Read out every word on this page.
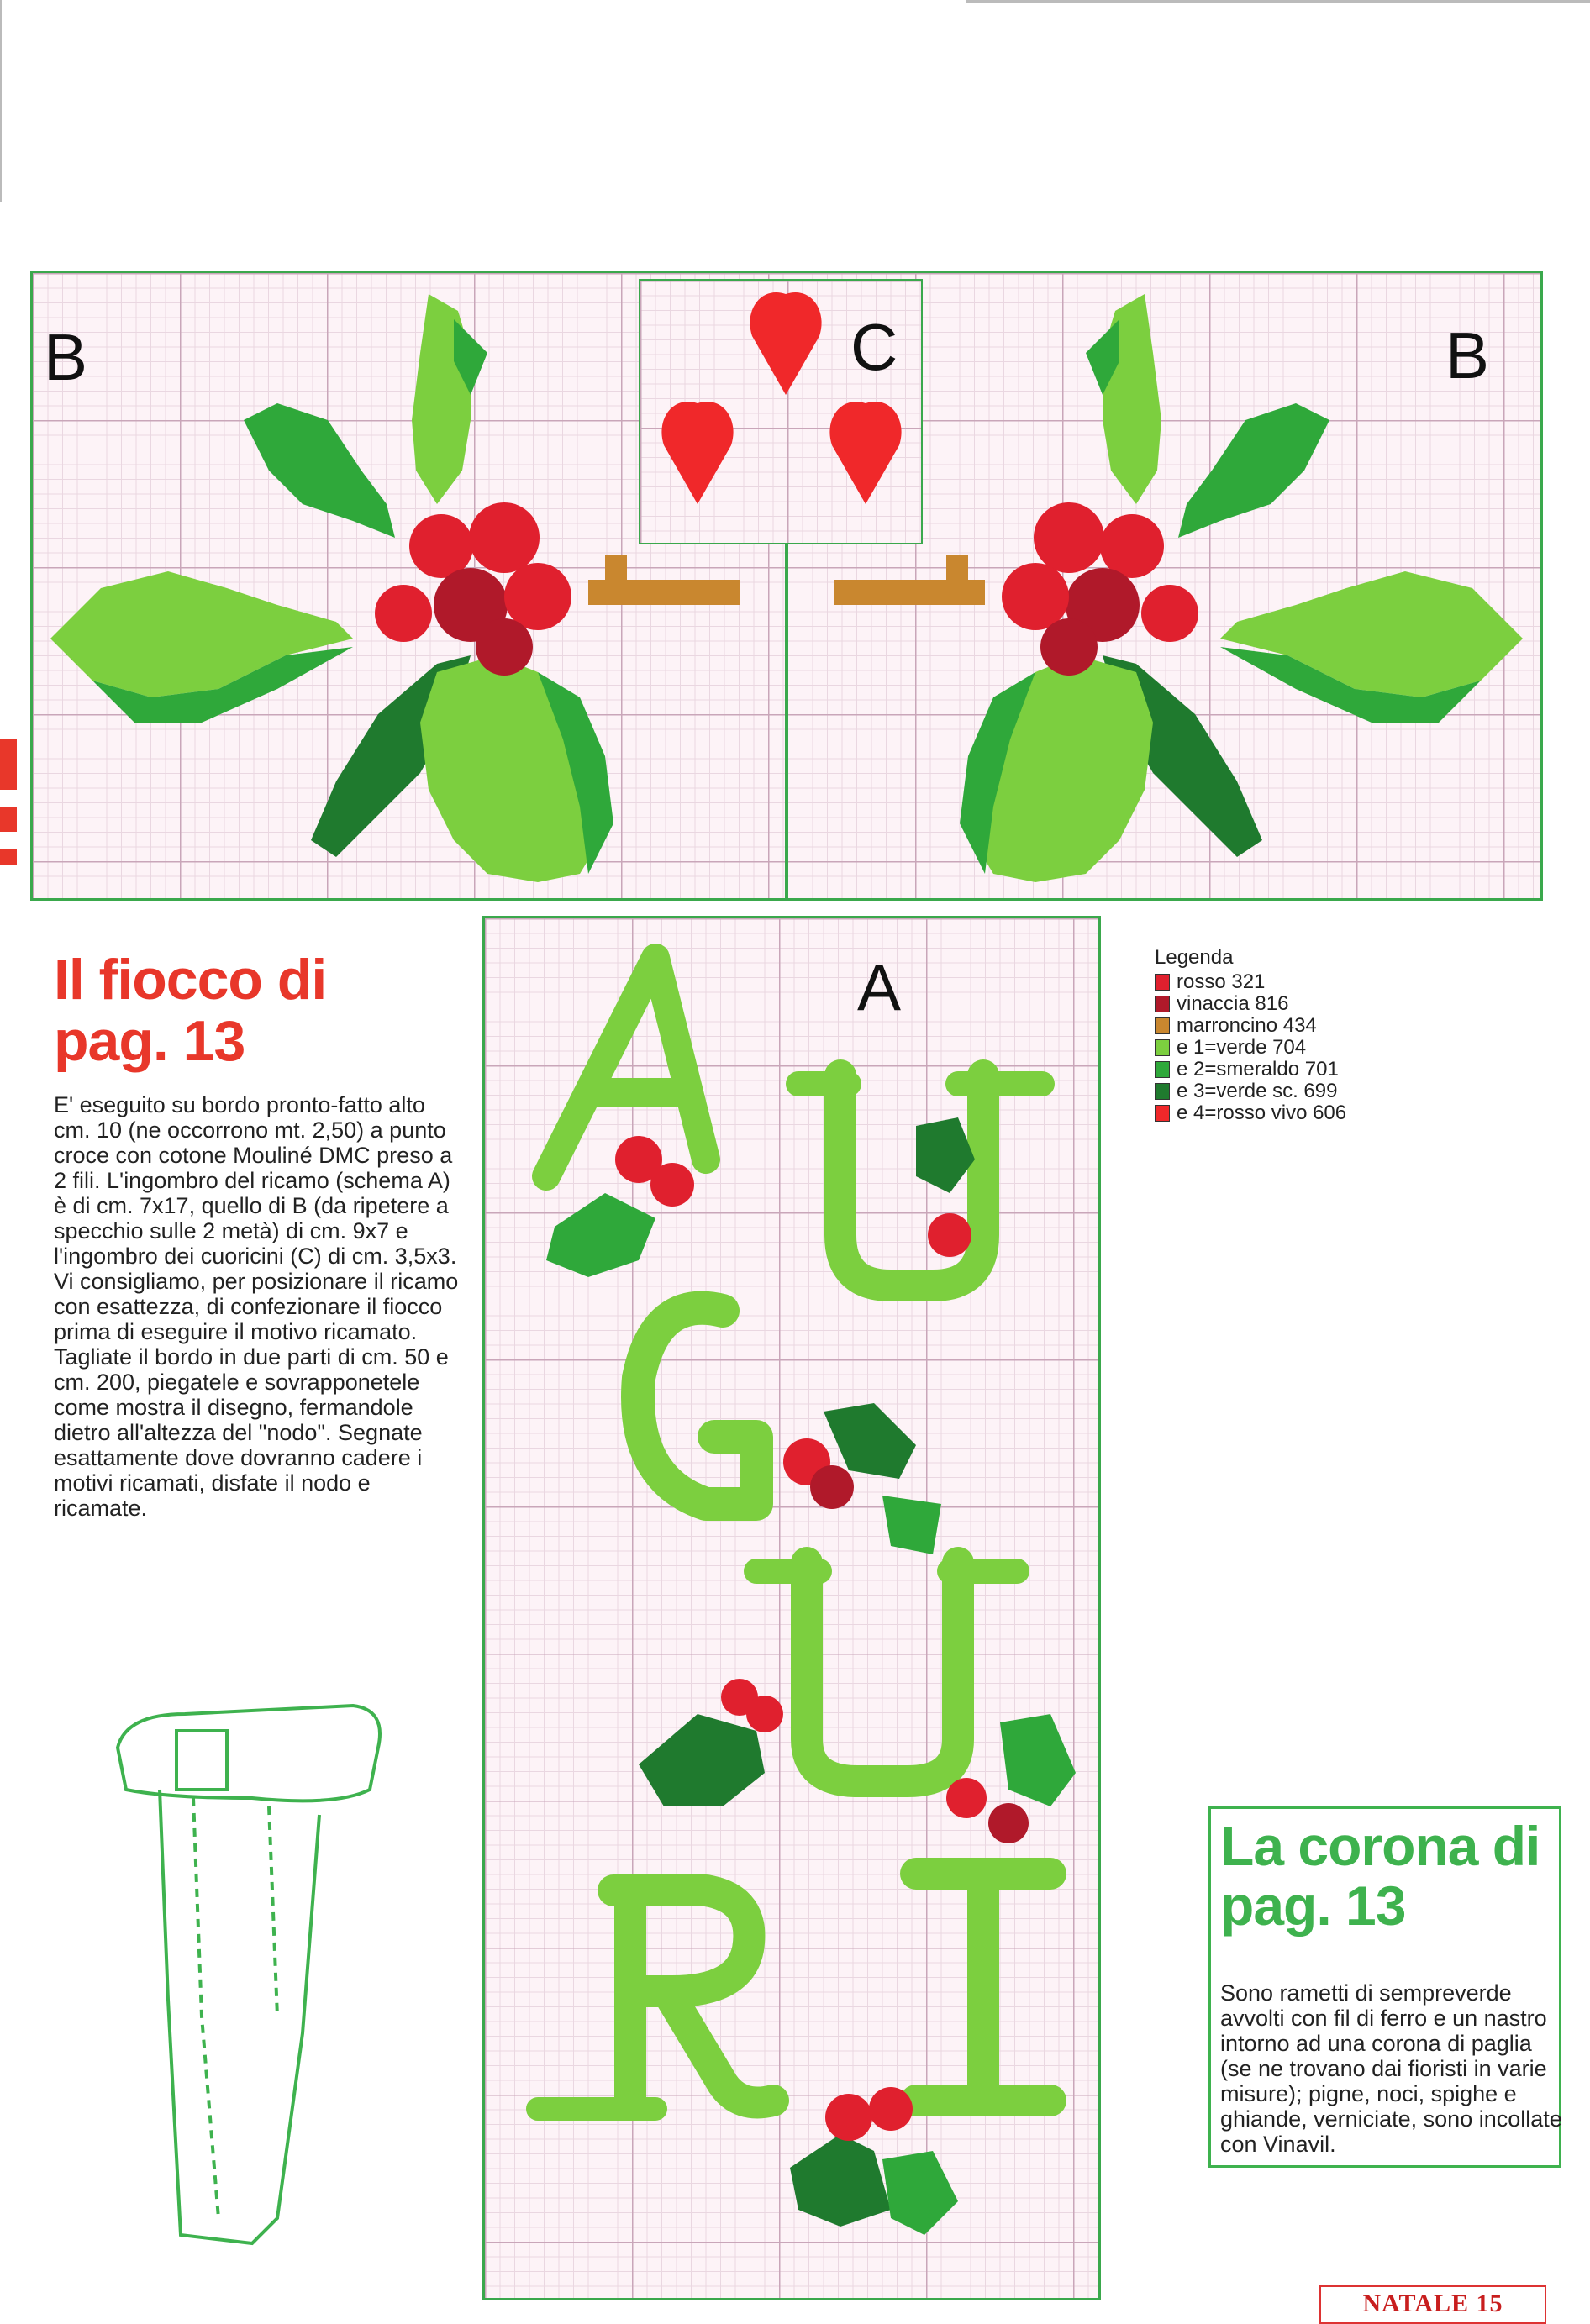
B	C	B
A
Il fiocco di pag. 13

E' eseguito su bordo pronto-fatto alto cm. 10 (ne occorrono mt. 2,50) a punto croce con cotone Mouliné DMC preso a 2 fili. L'ingombro del ricamo (schema A) è di cm. 7x17, quello di B (da ripetere a specchio sulle 2 metà) di cm. 9x7 e l'ingombro dei cuoricini (C) di cm. 3,5x3. Vi consigliamo, per posizionare il ricamo con esattezza, di confezionare il fiocco prima di eseguire il motivo ricamato. Tagliate il bordo in due parti di cm. 50 e cm. 200, piegatele e sovrapponetele come mostra il disegno, fermandole dietro all'altezza del "nodo". Segnate esattamente dove dovranno cadere i motivi ricamati, disfate il nodo e ricamate.

Legenda
rosso 321
vinaccia 816
marroncino 434
e 1=verde 704
e 2=smeraldo 701
e 3=verde sc. 699
e 4=rosso vivo 606
La corona di pag. 13

Sono rametti di sempreverde avvolti con fil di ferro e un nastro intorno ad una corona di paglia (se ne trovano dai fioristi in varie misure); pigne, noci, spighe e ghiande, verniciate, sono incollate con Vinavil.

NATALE 15
